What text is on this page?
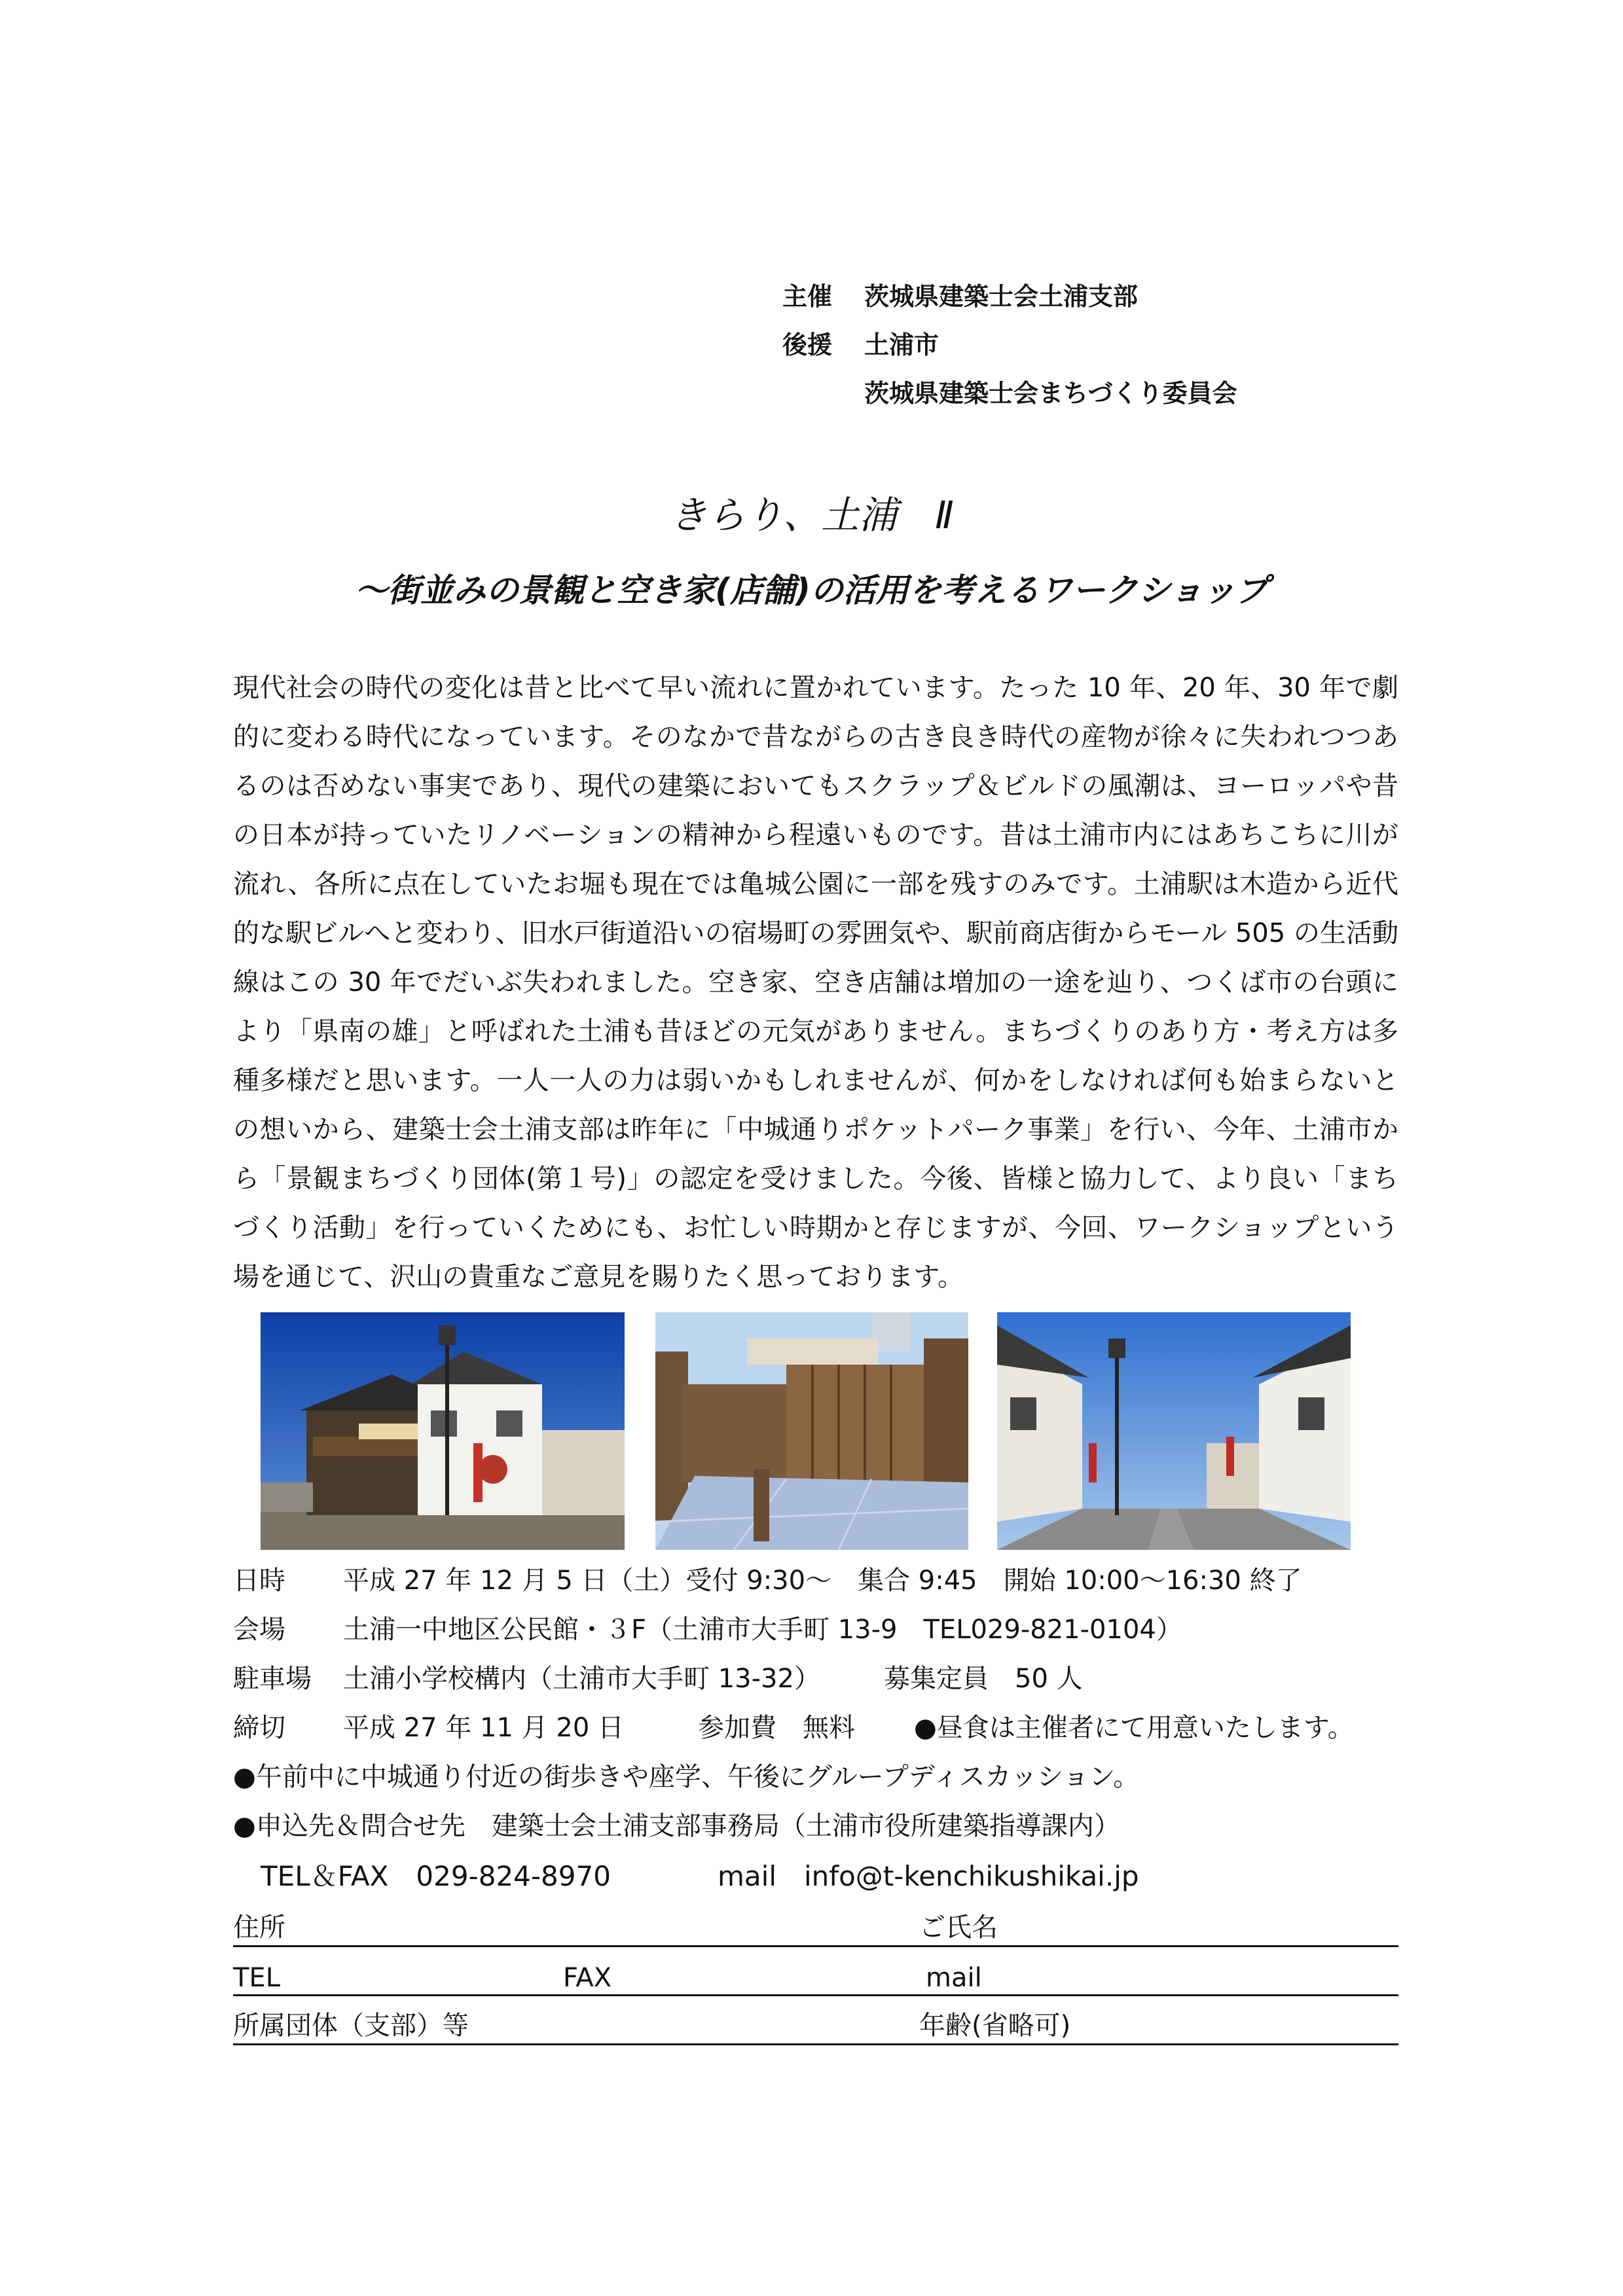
主催 茨城県建築士会土浦支部
後援 土浦市
茨城県建築士会まちづくり委員会
きらり、土浦　Ⅱ
～街並みの景観と空き家(店舗)の活用を考えるワークショップ

現代社会の時代の変化は昔と比べて早い流れに置かれています。たった 10 年、20 年、30 年で劇的に変わる時代になっています。そのなかで昔ながらの古き良き時代の産物が徐々に失われつつあるのは否めない事実であり、現代の建築においてもスクラップ＆ビルドの風潮は、ヨーロッパや昔の日本が持っていたリノベーションの精神から程遠いものです。昔は土浦市内にはあちこちに川が流れ、各所に点在していたお堀も現在では亀城公園に一部を残すのみです。土浦駅は木造から近代的な駅ビルへと変わり、旧水戸街道沿いの宿場町の雰囲気や、駅前商店街からモール 505 の生活動線はこの 30 年でだいぶ失われました。空き家、空き店舗は増加の一途を辿り、つくば市の台頭により「県南の雄」と呼ばれた土浦も昔ほどの元気がありません。まちづくりのあり方・考え方は多種多様だと思います。一人一人の力は弱いかもしれませんが、何かをしなければ何も始まらないとの想いから、建築士会土浦支部は昨年に「中城通りポケットパーク事業」を行い、今年、土浦市から「景観まちづくり団体(第１号)」の認定を受けました。今後、皆様と協力して、より良い「まちづくり活動」を行っていくためにも、お忙しい時期かと存じますが、今回、ワークショップという場を通じて、沢山の貴重なご意見を賜りたく思っております。

日時 平成 27 年 12 月 5 日（土）受付 9:30～　集合 9:45　開始 10:00～16:30 終了
会場 土浦一中地区公民館・３F（土浦市大手町 13-9　TEL029-821-0104）
駐車場 土浦小学校構内（土浦市大手町 13-32） 募集定員　50 人
締切 平成 27 年 11 月 20 日	参加費　無料 ●昼食は主催者にて用意いたします。
●午前中に中城通り付近の街歩きや座学、午後にグループディスカッション。
●申込先＆問合せ先　建築士会土浦支部事務局（土浦市役所建築指導課内）
TEL＆FAX　029-824-8970	mail　info@t-kenchikushikai.jp
住所	ご氏名
TEL	FAX	mail
所属団体（支部）等	年齢(省略可)
